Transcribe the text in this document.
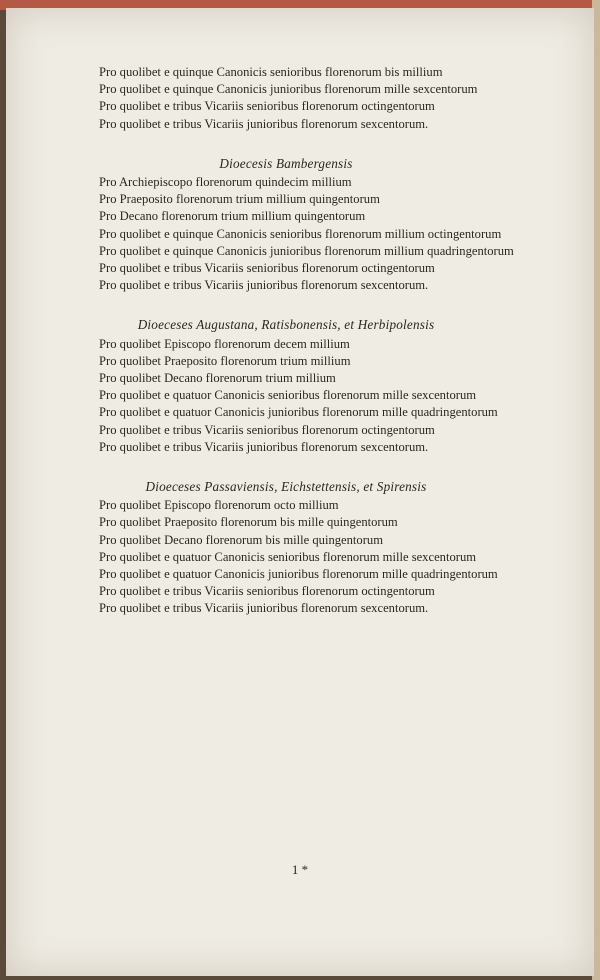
Pro quolibet e quinque Canonicis senioribus florenorum bis millium

Pro quolibet e quinque Canonicis junioribus florenorum mille sexcentorum

Pro quolibet e tribus Vicariis senioribus florenorum octingentorum

Pro quolibet e tribus Vicariis junioribus florenorum sexcentorum.

Dioecesis Bambergensis

Pro Archiepiscopo florenorum quindecim millium

Pro Praeposito florenorum trium millium quingentorum

Pro Decano florenorum trium millium quingentorum

Pro quolibet e quinque Canonicis senioribus florenorum millium octingentorum

Pro quolibet e quinque Canonicis junioribus florenorum millium quadringentorum

Pro quolibet e tribus Vicariis senioribus florenorum octingentorum

Pro quolibet e tribus Vicariis junioribus florenorum sexcentorum.

Dioeceses Augustana, Ratisbonensis, et Herbipolensis

Pro quolibet Episcopo florenorum decem millium

Pro quolibet Praeposito florenorum trium millium

Pro quolibet Decano florenorum trium millium

Pro quolibet e quatuor Canonicis senioribus florenorum mille sexcentorum

Pro quolibet e quatuor Canonicis junioribus florenorum mille quadringentorum

Pro quolibet e tribus Vicariis senioribus florenorum octingentorum

Pro quolibet e tribus Vicariis junioribus florenorum sexcentorum.

Dioeceses Passaviensis, Eichstettensis, et Spirensis

Pro quolibet Episcopo florenorum octo millium

Pro quolibet Praeposito florenorum bis mille quingentorum

Pro quolibet Decano florenorum bis mille quingentorum

Pro quolibet e quatuor Canonicis senioribus florenorum mille sexcentorum

Pro quolibet e quatuor Canonicis junioribus florenorum mille quadringentorum

Pro quolibet e tribus Vicariis senioribus florenorum octingentorum

Pro quolibet e tribus Vicariis junioribus florenorum sexcentorum.

1 *
